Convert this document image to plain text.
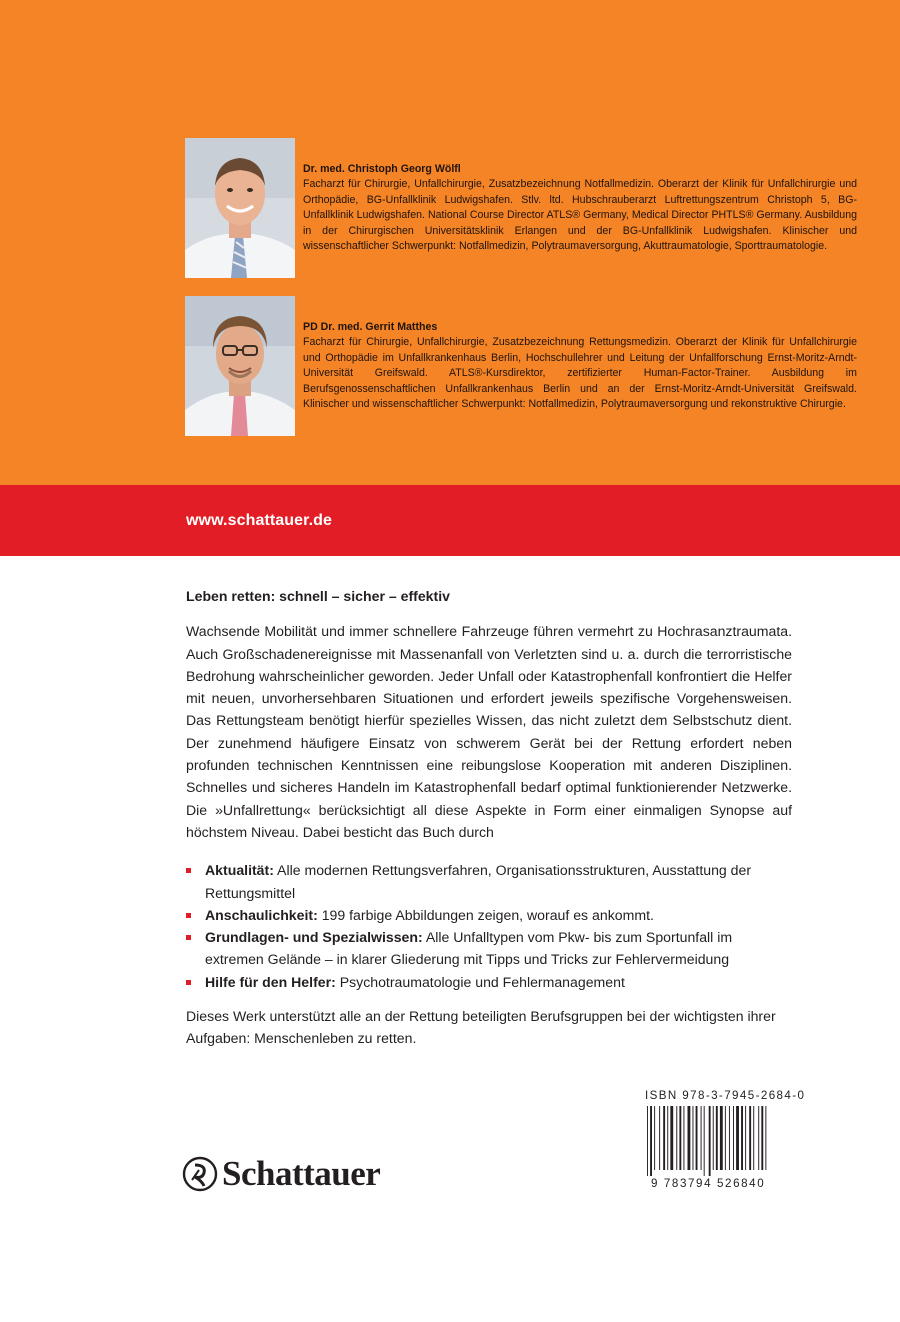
Dr. med. Christoph Georg Wölfl
Facharzt für Chirurgie, Unfallchirurgie, Zusatzbezeichnung Notfallmedizin. Oberarzt der Klinik für Unfallchirurgie und Orthopädie, BG-Unfallklinik Ludwigshafen. Stlv. ltd. Hubschrauberarzt Luftrettungszentrum Christoph 5, BG-Unfallklinik Ludwigshafen. National Course Director ATLS® Germany, Medical Director PHTLS® Germany. Ausbildung in der Chirurgischen Universitätsklinik Erlangen und der BG-Unfallklinik Ludwigshafen. Klinischer und wissenschaftlicher Schwerpunkt: Notfallmedizin, Polytraumaversorgung, Akuttraumatologie, Sporttraumatologie.
PD Dr. med. Gerrit Matthes
Facharzt für Chirurgie, Unfallchirurgie, Zusatzbezeichnung Rettungsmedizin. Oberarzt der Klinik für Unfallchirurgie und Orthopädie im Unfallkrankenhaus Berlin, Hochschullehrer und Leitung der Unfallforschung Ernst-Moritz-Arndt-Universität Greifswald. ATLS®-Kursdirektor, zertifizierter Human-Factor-Trainer. Ausbildung im Berufsgenossenschaftlichen Unfallkrankenhaus Berlin und an der Ernst-Moritz-Arndt-Universität Greifswald. Klinischer und wissenschaftlicher Schwerpunkt: Notfallmedizin, Polytraumaversorgung und rekonstruktive Chirurgie.
www.schattauer.de

Leben retten: schnell – sicher – effektiv

Wachsende Mobilität und immer schnellere Fahrzeuge führen vermehrt zu Hochrasanztraumata. Auch Großschadenereignisse mit Massenanfall von Verletzten sind u. a. durch die terrorristische Bedrohung wahrscheinlicher geworden. Jeder Unfall oder Katastrophenfall konfrontiert die Helfer mit neuen, unvorhersehbaren Situationen und erfordert jeweils spezifische Vorgehensweisen. Das Rettungsteam benötigt hierfür spezielles Wissen, das nicht zuletzt dem Selbstschutz dient. Der zunehmend häufigere Einsatz von schwerem Gerät bei der Rettung erfordert neben profunden technischen Kenntnissen eine reibungslose Kooperation mit anderen Disziplinen. Schnelles und sicheres Handeln im Katastrophenfall bedarf optimal funktionierender Netzwerke. Die »Unfallrettung« berücksichtigt all diese Aspekte in Form einer einmaligen Synopse auf höchstem Niveau. Dabei besticht das Buch durch

Aktualität: Alle modernen Rettungsverfahren, Organisationsstrukturen, Ausstattung der Rettungsmittel
Anschaulichkeit: 199 farbige Abbildungen zeigen, worauf es ankommt.
Grundlagen- und Spezialwissen: Alle Unfalltypen vom Pkw- bis zum Sportunfall im extremen Gelände – in klarer Gliederung mit Tipps und Tricks zur Fehlervermeidung
Hilfe für den Helfer: Psychotraumatologie und Fehlermanagement

Dieses Werk unterstützt alle an der Rettung beteiligten Berufsgruppen bei der wichtigsten ihrer Aufgaben: Menschenleben zu retten.

Schattauer
ISBN 978-3-7945-2684-0
9 783794 526840
